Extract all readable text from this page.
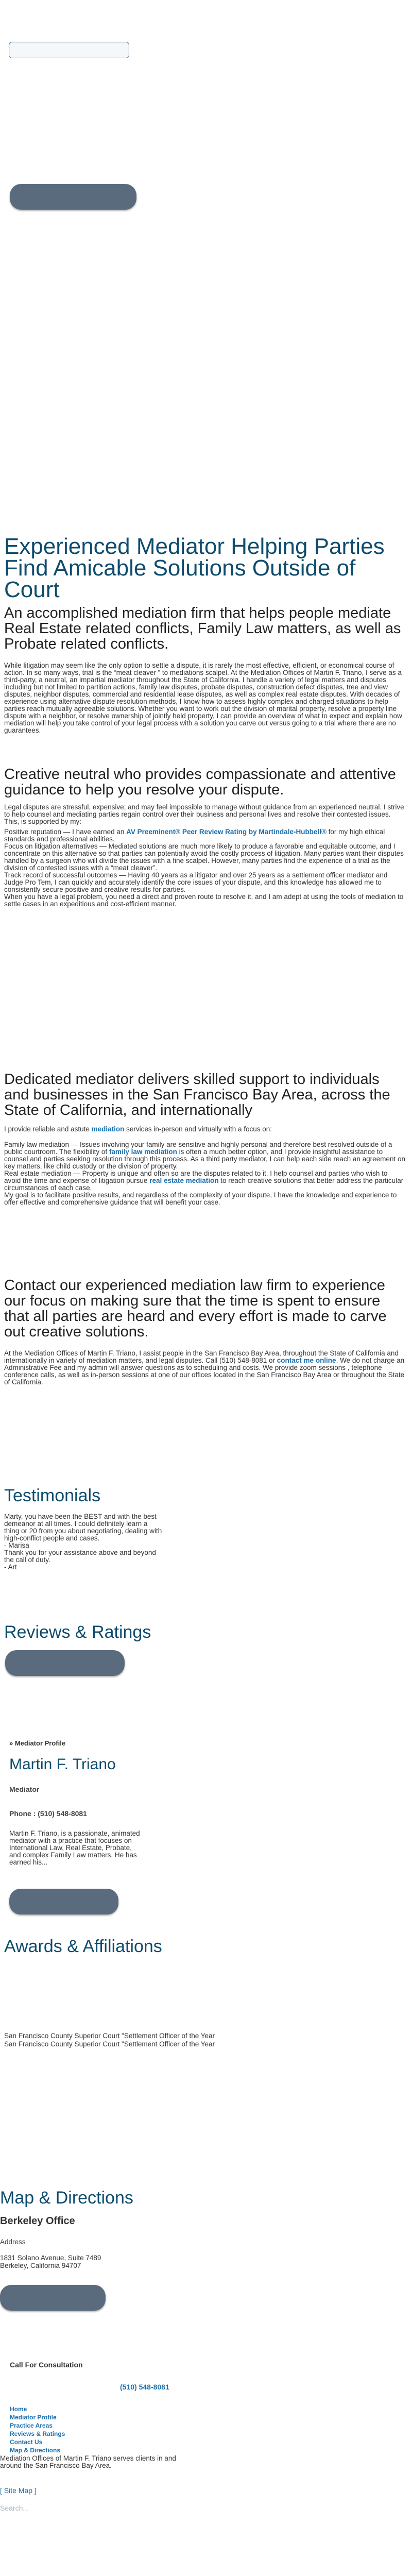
Experienced Mediator Helping Parties Find Amicable Solutions Outside of Court
An accomplished mediation firm that helps people mediate Real Estate related conflicts, Family Law matters, as well as Probate related conflicts.

While litigation may seem like the only option to settle a dispute, it is rarely the most effective, efficient, or economical course of action. In so many ways, trial is the “meat cleaver ” to mediations scalpel. At the Mediation Offices of Martin F. Triano, I serve as a third-party, a neutral, an impartial mediator throughout the State of California. I handle a variety of legal matters and disputes including but not limited to partition actions, family law disputes, probate disputes, construction defect disputes, tree and view disputes, neighbor disputes, commercial and residential lease disputes, as well as complex real estate disputes. With decades of experience using alternative dispute resolution methods, I know how to assess highly complex and charged situations to help parties reach mutually agreeable solutions. Whether you want to work out the division of marital property, resolve a property line dispute with a neighbor, or resolve ownership of jointly held property, I can provide an overview of what to expect and explain how mediation will help you take control of your legal process with a solution you carve out versus going to a trial where there are no guarantees.

Creative neutral who provides compassionate and attentive guidance to help you resolve your dispute.
Legal disputes are stressful, expensive; and may feel impossible to manage without guidance from an experienced neutral. I strive to help counsel and mediating parties regain control over their business and personal lives and resolve their contested issues. This, is supported by my:
Positive reputation — I have earned an AV Preeminent® Peer Review Rating by Martindale-Hubbell® for my high ethical standards and professional abilities.
Focus on litigation alternatives — Mediated solutions are much more likely to produce a favorable and equitable outcome, and I concentrate on this alternative so that parties can potentially avoid the costly process of litigation. Many parties want their disputes handled by a surgeon who will divide the issues with a fine scalpel. However, many parties find the experience of a trial as the division of contested issues with a “meat cleaver”.
Track record of successful outcomes — Having 40 years as a litigator and over 25 years as a settlement officer mediator and Judge Pro Tem, I can quickly and accurately identify the core issues of your dispute, and this knowledge has allowed me to consistently secure positive and creative results for parties.
When you have a legal problem, you need a direct and proven route to resolve it, and I am adept at using the tools of mediation to settle cases in an expeditious and cost-efficient manner.
Dedicated mediator delivers skilled support to individuals and businesses in the San Francisco Bay Area, across the State of California, and internationally
I provide reliable and astute mediation services in-person and virtually with a focus on:
Family law mediation — Issues involving your family are sensitive and highly personal and therefore best resolved outside of a public courtroom. The flexibility of family law mediation is often a much better option, and I provide insightful assistance to counsel and parties seeking resolution through this process. As a third party mediator, I can help each side reach an agreement on key matters, like child custody or the division of property.
Real estate mediation — Property is unique and often so are the disputes related to it. I help counsel and parties who wish to avoid the time and expense of litigation pursue real estate mediation to reach creative solutions that better address the particular circumstances of each case.
My goal is to facilitate positive results, and regardless of the complexity of your dispute, I have the knowledge and experience to offer effective and comprehensive guidance that will benefit your case.
Contact our experienced mediation law firm to experience our focus on making sure that the time is spent to ensure that all parties are heard and every effort is made to carve out creative solutions.
At the Mediation Offices of Martin F. Triano, I assist people in the San Francisco Bay Area, throughout the State of California and internationally in variety of mediation matters, and legal disputes. Call (510) 548-8081 or contact me online. We do not charge an Administrative Fee and my admin will answer questions as to scheduling and costs. We provide zoom sessions , telephone conference calls, as well as in-person sessions at one of our offices located in the San Francisco Bay Area or throughout the State of California.
Testimonials
Marty, you have been the BEST and with the best demeanor at all times. I could definitely learn a thing or 20 from you about negotiating, dealing with high-conflict people and cases.
- Marisa
Thank you for your assistance above and beyond the call of duty.
- Art
Reviews & Ratings
» Mediator Profile
Martin F. Triano
Mediator
Phone : (510) 548-8081
Martin F. Triano, is a passionate, animated mediator with a practice that focuses on International Law, Real Estate, Probate, and complex Family Law matters. He has earned his...
Awards & Affiliations
San Francisco County Superior Court "Settlement Officer of the Year
San Francisco County Superior Court "Settlement Officer of the Year
Map & Directions
Berkeley Office
Address
1831 Solano Avenue, Suite 7489
Berkeley, California 94707
Call For Consultation
(510) 548-8081
Home
Mediator Profile
Practice Areas
Reviews & Ratings
Contact Us
Map & Directions
Mediation Offices of Martin F. Triano serves clients in and around the San Francisco Bay Area.
[ Site Map ]
Search...
